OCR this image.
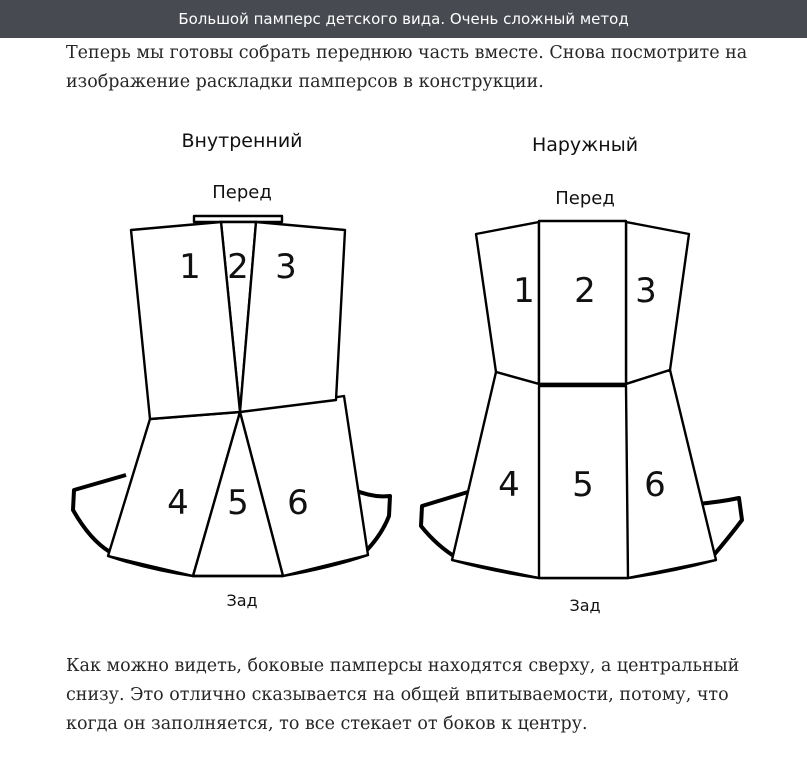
Большой памперс детского вида. Очень сложный метод

Теперь мы готовы собрать переднюю часть вместе. Снова посмотрите на изображение раскладки памперсов в конструкции.

Внутренний
Перед
Зад
1 2 3
4 5 6
Наружный
Перед
Зад
1 2 3
4 5 6

Как можно видеть, боковые памперсы находятся сверху, а центральный снизу. Это отлично сказывается на общей впитываемости, потому, что когда он заполняется, то все стекает от боков к центру.
